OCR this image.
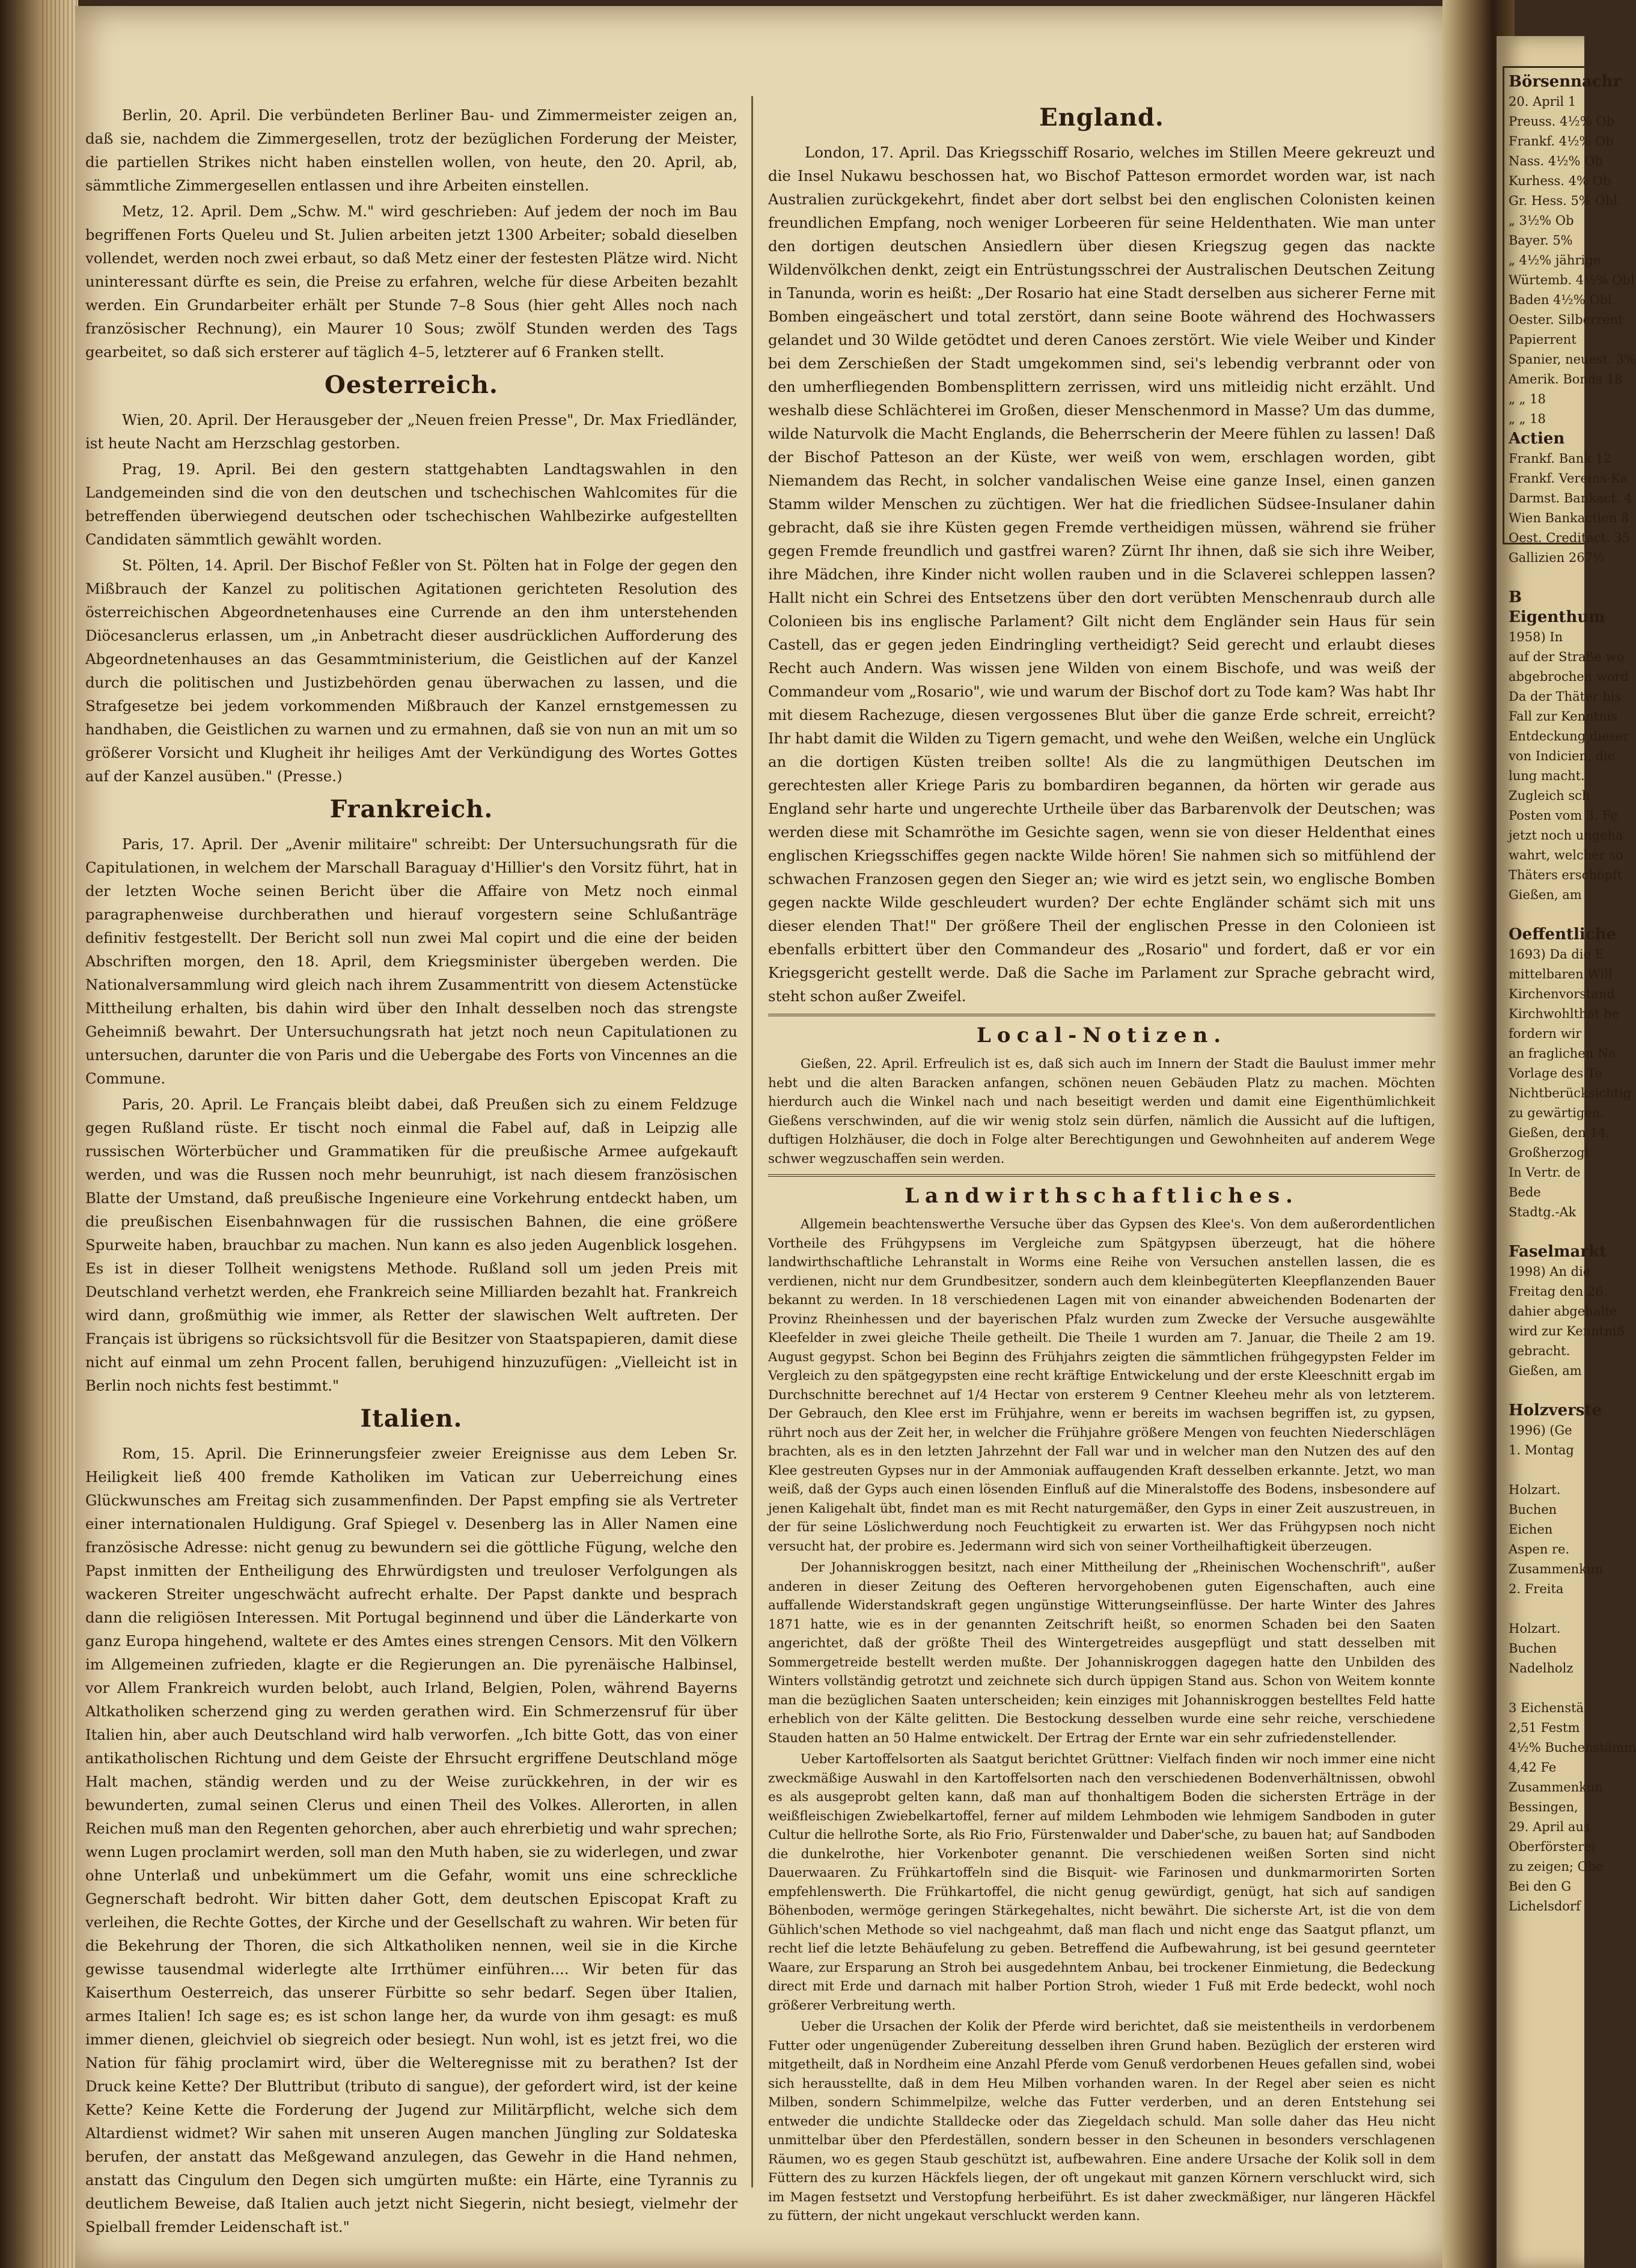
Berlin, 20. April. Die verbündeten Berliner Bau- und Zimmermeister zeigen an, daß sie, nachdem die Zimmergesellen, trotz der bezüglichen Forderung der Meister, die partiellen Strikes nicht haben einstellen wollen, von heute, den 20. April, ab, sämmtliche Zimmergesellen entlassen und ihre Arbeiten einstellen.

Metz, 12. April. Dem „Schw. M." wird geschrieben: Auf jedem der noch im Bau begriffenen Forts Queleu und St. Julien arbeiten jetzt 1300 Arbeiter; sobald dieselben vollendet, werden noch zwei erbaut, so daß Metz einer der festesten Plätze wird. Nicht uninteressant dürfte es sein, die Preise zu erfahren, welche für diese Arbeiten bezahlt werden. Ein Grundarbeiter erhält per Stunde 7–8 Sous (hier geht Alles noch nach französischer Rechnung), ein Maurer 10 Sous; zwölf Stunden werden des Tags gearbeitet, so daß sich ersterer auf täglich 4–5, letzterer auf 6 Franken stellt.

Oesterreich.

Wien, 20. April. Der Herausgeber der „Neuen freien Presse", Dr. Max Friedländer, ist heute Nacht am Herzschlag gestorben.

Prag, 19. April. Bei den gestern stattgehabten Landtagswahlen in den Landgemeinden sind die von den deutschen und tschechischen Wahlcomites für die betreffenden überwiegend deutschen oder tschechischen Wahlbezirke aufgestellten Candidaten sämmtlich gewählt worden.

St. Pölten, 14. April. Der Bischof Feßler von St. Pölten hat in Folge der gegen den Mißbrauch der Kanzel zu politischen Agitationen gerichteten Resolution des österreichischen Abgeordnetenhauses eine Currende an den ihm unterstehenden Diöcesanclerus erlassen, um „in Anbetracht dieser ausdrücklichen Aufforderung des Abgeordnetenhauses an das Gesammtministerium, die Geistlichen auf der Kanzel durch die politischen und Justizbehörden genau überwachen zu lassen, und die Strafgesetze bei jedem vorkommenden Mißbrauch der Kanzel ernstgemessen zu handhaben, die Geistlichen zu warnen und zu ermahnen, daß sie von nun an mit um so größerer Vorsicht und Klugheit ihr heiliges Amt der Verkündigung des Wortes Gottes auf der Kanzel ausüben." (Presse.)

Frankreich.

Paris, 17. April. Der „Avenir militaire" schreibt: Der Untersuchungsrath für die Capitulationen, in welchem der Marschall Baraguay d'Hillier's den Vorsitz führt, hat in der letzten Woche seinen Bericht über die Affaire von Metz noch einmal paragraphenweise durchberathen und hierauf vorgestern seine Schlußanträge definitiv festgestellt. Der Bericht soll nun zwei Mal copirt und die eine der beiden Abschriften morgen, den 18. April, dem Kriegsminister übergeben werden. Die Nationalversammlung wird gleich nach ihrem Zusammentritt von diesem Actenstücke Mittheilung erhalten, bis dahin wird über den Inhalt desselben noch das strengste Geheimniß bewahrt. Der Untersuchungsrath hat jetzt noch neun Capitulationen zu untersuchen, darunter die von Paris und die Uebergabe des Forts von Vincennes an die Commune.

Paris, 20. April. Le Français bleibt dabei, daß Preußen sich zu einem Feldzuge gegen Rußland rüste. Er tischt noch einmal die Fabel auf, daß in Leipzig alle russischen Wörterbücher und Grammatiken für die preußische Armee aufgekauft werden, und was die Russen noch mehr beunruhigt, ist nach diesem französischen Blatte der Umstand, daß preußische Ingenieure eine Vorkehrung entdeckt haben, um die preußischen Eisenbahnwagen für die russischen Bahnen, die eine größere Spurweite haben, brauchbar zu machen. Nun kann es also jeden Augenblick losgehen. Es ist in dieser Tollheit wenigstens Methode. Rußland soll um jeden Preis mit Deutschland verhetzt werden, ehe Frankreich seine Milliarden bezahlt hat. Frankreich wird dann, großmüthig wie immer, als Retter der slawischen Welt auftreten. Der Français ist übrigens so rücksichtsvoll für die Besitzer von Staatspapieren, damit diese nicht auf einmal um zehn Procent fallen, beruhigend hinzuzufügen: „Vielleicht ist in Berlin noch nichts fest bestimmt."

Italien.

Rom, 15. April. Die Erinnerungsfeier zweier Ereignisse aus dem Leben Sr. Heiligkeit ließ 400 fremde Katholiken im Vatican zur Ueberreichung eines Glückwunsches am Freitag sich zusammenfinden. Der Papst empfing sie als Vertreter einer internationalen Huldigung. Graf Spiegel v. Desenberg las in Aller Namen eine französische Adresse: nicht genug zu bewundern sei die göttliche Fügung, welche den Papst inmitten der Entheiligung des Ehrwürdigsten und treuloser Verfolgungen als wackeren Streiter ungeschwächt aufrecht erhalte. Der Papst dankte und besprach dann die religiösen Interessen. Mit Portugal beginnend und über die Länderkarte von ganz Europa hingehend, waltete er des Amtes eines strengen Censors. Mit den Völkern im Allgemeinen zufrieden, klagte er die Regierungen an. Die pyrenäische Halbinsel, vor Allem Frankreich wurden belobt, auch Irland, Belgien, Polen, während Bayerns Altkatholiken scherzend ging zu werden gerathen wird. Ein Schmerzensruf für über Italien hin, aber auch Deutschland wird halb verworfen. „Ich bitte Gott, das von einer antikatholischen Richtung und dem Geiste der Ehrsucht ergriffene Deutschland möge Halt machen, ständig werden und zu der Weise zurückkehren, in der wir es bewunderten, zumal seinen Clerus und einen Theil des Volkes. Allerorten, in allen Reichen muß man den Regenten gehorchen, aber auch ehrerbietig und wahr sprechen; wenn Lugen proclamirt werden, soll man den Muth haben, sie zu widerlegen, und zwar ohne Unterlaß und unbekümmert um die Gefahr, womit uns eine schreckliche Gegnerschaft bedroht. Wir bitten daher Gott, dem deutschen Episcopat Kraft zu verleihen, die Rechte Gottes, der Kirche und der Gesellschaft zu wahren. Wir beten für die Bekehrung der Thoren, die sich Altkatholiken nennen, weil sie in die Kirche gewisse tausendmal widerlegte alte Irrthümer einführen.... Wir beten für das Kaiserthum Oesterreich, das unserer Fürbitte so sehr bedarf. Segen über Italien, armes Italien! Ich sage es; es ist schon lange her, da wurde von ihm gesagt: es muß immer dienen, gleichviel ob siegreich oder besiegt. Nun wohl, ist es jetzt frei, wo die Nation für fähig proclamirt wird, über die Welteregnisse mit zu berathen? Ist der Druck keine Kette? Der Bluttribut (tributo di sangue), der gefordert wird, ist der keine Kette? Keine Kette die Forderung der Jugend zur Militärpflicht, welche sich dem Altardienst widmet? Wir sahen mit unseren Augen manchen Jüngling zur Soldateska berufen, der anstatt das Meßgewand anzulegen, das Gewehr in die Hand nehmen, anstatt das Cingulum den Degen sich umgürten mußte: ein Härte, eine Tyrannis zu deutlichem Beweise, daß Italien auch jetzt nicht Siegerin, nicht besiegt, vielmehr der Spielball fremder Leidenschaft ist."

England.

London, 17. April. Das Kriegsschiff Rosario, welches im Stillen Meere gekreuzt und die Insel Nukawu beschossen hat, wo Bischof Patteson ermordet worden war, ist nach Australien zurückgekehrt, findet aber dort selbst bei den englischen Colonisten keinen freundlichen Empfang, noch weniger Lorbeeren für seine Heldenthaten. Wie man unter den dortigen deutschen Ansiedlern über diesen Kriegszug gegen das nackte Wildenvölkchen denkt, zeigt ein Entrüstungsschrei der Australischen Deutschen Zeitung in Tanunda, worin es heißt: „Der Rosario hat eine Stadt derselben aus sicherer Ferne mit Bomben eingeäschert und total zerstört, dann seine Boote während des Hochwassers gelandet und 30 Wilde getödtet und deren Canoes zerstört. Wie viele Weiber und Kinder bei dem Zerschießen der Stadt umgekommen sind, sei's lebendig verbrannt oder von den umherfliegenden Bombensplittern zerrissen, wird uns mitleidig nicht erzählt. Und weshalb diese Schlächterei im Großen, dieser Menschenmord in Masse? Um das dumme, wilde Naturvolk die Macht Englands, die Beherrscherin der Meere fühlen zu lassen! Daß der Bischof Patteson an der Küste, wer weiß von wem, erschlagen worden, gibt Niemandem das Recht, in solcher vandalischen Weise eine ganze Insel, einen ganzen Stamm wilder Menschen zu züchtigen. Wer hat die friedlichen Südsee-Insulaner dahin gebracht, daß sie ihre Küsten gegen Fremde vertheidigen müssen, während sie früher gegen Fremde freundlich und gastfrei waren? Zürnt Ihr ihnen, daß sie sich ihre Weiber, ihre Mädchen, ihre Kinder nicht wollen rauben und in die Sclaverei schleppen lassen? Hallt nicht ein Schrei des Entsetzens über den dort verübten Menschenraub durch alle Colonieen bis ins englische Parlament? Gilt nicht dem Engländer sein Haus für sein Castell, das er gegen jeden Eindringling vertheidigt? Seid gerecht und erlaubt dieses Recht auch Andern. Was wissen jene Wilden von einem Bischofe, und was weiß der Commandeur vom „Rosario", wie und warum der Bischof dort zu Tode kam? Was habt Ihr mit diesem Rachezuge, diesen vergossenes Blut über die ganze Erde schreit, erreicht? Ihr habt damit die Wilden zu Tigern gemacht, und wehe den Weißen, welche ein Unglück an die dortigen Küsten treiben sollte! Als die zu langmüthigen Deutschen im gerechtesten aller Kriege Paris zu bombardiren begannen, da hörten wir gerade aus England sehr harte und ungerechte Urtheile über das Barbarenvolk der Deutschen; was werden diese mit Schamröthe im Gesichte sagen, wenn sie von dieser Heldenthat eines englischen Kriegsschiffes gegen nackte Wilde hören! Sie nahmen sich so mitfühlend der schwachen Franzosen gegen den Sieger an; wie wird es jetzt sein, wo englische Bomben gegen nackte Wilde geschleudert wurden? Der echte Engländer schämt sich mit uns dieser elenden That!" Der größere Theil der englischen Presse in den Colonieen ist ebenfalls erbittert über den Commandeur des „Rosario" und fordert, daß er vor ein Kriegsgericht gestellt werde. Daß die Sache im Parlament zur Sprache gebracht wird, steht schon außer Zweifel.

Local-Notizen.

Gießen, 22. April. Erfreulich ist es, daß sich auch im Innern der Stadt die Baulust immer mehr hebt und die alten Baracken anfangen, schönen neuen Gebäuden Platz zu machen. Möchten hierdurch auch die Winkel nach und nach beseitigt werden und damit eine Eigenthümlichkeit Gießens verschwinden, auf die wir wenig stolz sein dürfen, nämlich die Aussicht auf die luftigen, duftigen Holzhäuser, die doch in Folge alter Berechtigungen und Gewohnheiten auf anderem Wege schwer wegzuschaffen sein werden.

Landwirthschaftliches.

Allgemein beachtenswerthe Versuche über das Gypsen des Klee's. Von dem außerordentlichen Vortheile des Frühgypsens im Vergleiche zum Spätgypsen überzeugt, hat die höhere landwirthschaftliche Lehranstalt in Worms eine Reihe von Versuchen anstellen lassen, die es verdienen, nicht nur dem Grundbesitzer, sondern auch dem kleinbegüterten Kleepflanzenden Bauer bekannt zu werden. In 18 verschiedenen Lagen mit von einander abweichenden Bodenarten der Provinz Rheinhessen und der bayerischen Pfalz wurden zum Zwecke der Versuche ausgewählte Kleefelder in zwei gleiche Theile getheilt. Die Theile 1 wurden am 7. Januar, die Theile 2 am 19. August gegypst. Schon bei Beginn des Frühjahrs zeigten die sämmtlichen frühgegypsten Felder im Vergleich zu den spätgegypsten eine recht kräftige Entwickelung und der erste Kleeschnitt ergab im Durchschnitte berechnet auf 1/4 Hectar von ersterem 9 Centner Kleeheu mehr als von letzterem. Der Gebrauch, den Klee erst im Frühjahre, wenn er bereits im wachsen begriffen ist, zu gypsen, rührt noch aus der Zeit her, in welcher die Frühjahre größere Mengen von feuchten Niederschlägen brachten, als es in den letzten Jahrzehnt der Fall war und in welcher man den Nutzen des auf den Klee gestreuten Gypses nur in der Ammoniak auffaugenden Kraft desselben erkannte. Jetzt, wo man weiß, daß der Gyps auch einen lösenden Einfluß auf die Mineralstoffe des Bodens, insbesondere auf jenen Kaligehalt übt, findet man es mit Recht naturgemäßer, den Gyps in einer Zeit auszustreuen, in der für seine Löslichwerdung noch Feuchtigkeit zu erwarten ist. Wer das Frühgypsen noch nicht versucht hat, der probire es. Jedermann wird sich von seiner Vortheilhaftigkeit überzeugen.

Der Johanniskroggen besitzt, nach einer Mittheilung der „Rheinischen Wochenschrift", außer anderen in dieser Zeitung des Oefteren hervorgehobenen guten Eigenschaften, auch eine auffallende Widerstandskraft gegen ungünstige Witterungseinflüsse. Der harte Winter des Jahres 1871 hatte, wie es in der genannten Zeitschrift heißt, so enormen Schaden bei den Saaten angerichtet, daß der größte Theil des Wintergetreides ausgepflügt und statt desselben mit Sommergetreide bestellt werden mußte. Der Johanniskroggen dagegen hatte den Unbilden des Winters vollständig getrotzt und zeichnete sich durch üppigen Stand aus. Schon von Weitem konnte man die bezüglichen Saaten unterscheiden; kein einziges mit Johanniskroggen bestelltes Feld hatte erheblich von der Kälte gelitten. Die Bestockung desselben wurde eine sehr reiche, verschiedene Stauden hatten an 50 Halme entwickelt. Der Ertrag der Ernte war ein sehr zufriedenstellender.

Ueber Kartoffelsorten als Saatgut berichtet Grüttner: Vielfach finden wir noch immer eine nicht zweckmäßige Auswahl in den Kartoffelsorten nach den verschiedenen Bodenverhältnissen, obwohl es als ausgeprobt gelten kann, daß man auf thonhaltigem Boden die sichersten Erträge in der weißfleischigen Zwiebelkartoffel, ferner auf mildem Lehmboden wie lehmigem Sandboden in guter Cultur die hellrothe Sorte, als Rio Frio, Fürstenwalder und Daber'sche, zu bauen hat; auf Sandboden die dunkelrothe, hier Vorkenboter genannt. Die verschiedenen weißen Sorten sind nicht Dauerwaaren. Zu Frühkartoffeln sind die Bisquit- wie Farinosen und dunkmarmorirten Sorten empfehlenswerth. Die Frühkartoffel, die nicht genug gewürdigt, genügt, hat sich auf sandigen Böhenboden, wermöge geringen Stärkegehaltes, nicht bewährt. Die sicherste Art, ist die von dem Gühlich'schen Methode so viel nachgeahmt, daß man flach und nicht enge das Saatgut pflanzt, um recht lief die letzte Behäufelung zu geben. Betreffend die Aufbewahrung, ist bei gesund geernteter Waare, zur Ersparung an Stroh bei ausgedehntem Anbau, bei trockener Einmietung, die Bedeckung direct mit Erde und darnach mit halber Portion Stroh, wieder 1 Fuß mit Erde bedeckt, wohl noch größerer Verbreitung werth.

Ueber die Ursachen der Kolik der Pferde wird berichtet, daß sie meistentheils in verdorbenem Futter oder ungenügender Zubereitung desselben ihren Grund haben. Bezüglich der ersteren wird mitgetheilt, daß in Nordheim eine Anzahl Pferde vom Genuß verdorbenen Heues gefallen sind, wobei sich herausstellte, daß in dem Heu Milben vorhanden waren. In der Regel aber seien es nicht Milben, sondern Schimmelpilze, welche das Futter verderben, und an deren Entstehung sei entweder die undichte Stalldecke oder das Ziegeldach schuld. Man solle daher das Heu nicht unmittelbar über den Pferdeställen, sondern besser in den Scheunen in besonders verschlagenen Räumen, wo es gegen Staub geschützt ist, aufbewahren. Eine andere Ursache der Kolik soll in dem Füttern des zu kurzen Häckfels liegen, der oft ungekaut mit ganzen Körnern verschluckt wird, sich im Magen festsetzt und Verstopfung herbeiführt. Es ist daher zweckmäßiger, nur längeren Häckfel zu füttern, der nicht ungekaut verschluckt werden kann.

Börsennachr
20. April 1
Preuss. 4½% Ob
Frankf. 4½% Ob
Nass. 4½% Ob
Kurhess. 4% Ob
Gr. Hess. 5% Obl.
„ 3½% Ob
Bayer. 5%
„ 4½% jährige
Würtemb. 4½% Obl
Baden 4½% Obl.
Oester. Silberrent
Papierrent
Spanier, neuest. 3%
Amerik. Bonds 18
„ „ 18
„ „ 18
Actien
Frankf. Bank 12
Frankf. Vereins-Ka
Darmst. Bankact. 4
Wien Bankactien 8
Oest. Creditact. 35
Gallizien 267½

B
Eigenthum
1958) In
auf der Straße wo
abgebrochen word
Da der Thäter bis
Fall zur Kenntnis
Entdeckung dieser
von Indicien, die
lung macht.
Zugleich sch
Posten vom 3. Fe
jetzt noch ungeha
wahrt, welcher so
Thäters erschöpft
Gießen, am

Oeffentliche
1693) Da die E
mittelbaren Will
Kirchenvorstand
Kirchwohlthat be
fordern wir
an fraglichen Na
Vorlage des Te
Nichtberücksichtig
zu gewärtigen.
Gießen, den 14.
Großherzogl
In Vertr. de
Bede
Stadtg.-Ak

Faselmarkt
1998) An die
Freitag den 26.
dahier abgehalte
wird zur Kenntniß
gebracht.
Gießen, am

Holzverste
1996) (Ge
1. Montag

Holzart.
Buchen
Eichen
Aspen re.
Zusammenkun
2. Freita

Holzart.
Buchen
Nadelholz

3 Eichenstä
2,51 Festm
4½% Buchenstämm
4,42 Fe
Zusammenkun
Bessingen,
29. April aus
Oberförsterei
zu zeigen; Obe
Bei den G
Lichelsdorf
